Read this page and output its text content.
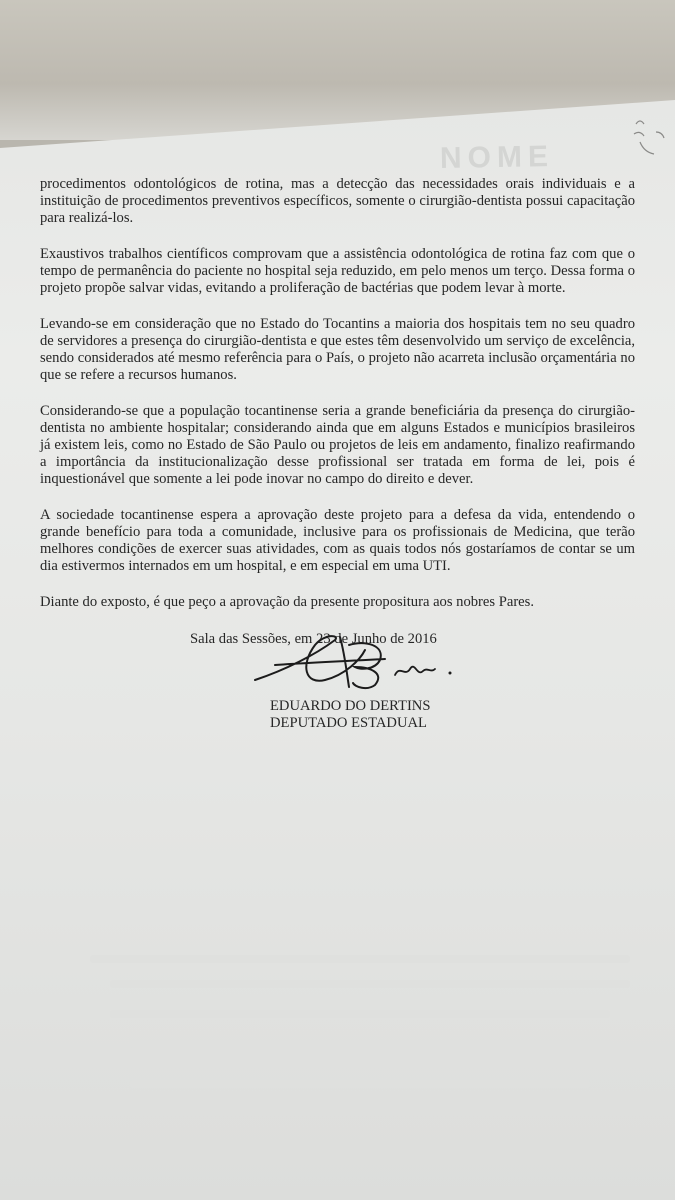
NOME

procedimentos odontológicos de rotina, mas a detecção das necessidades orais individuais e a instituição de procedimentos preventivos específicos, somente o cirurgião-dentista possui capacitação para realizá-los.

Exaustivos trabalhos científicos comprovam que a assistência odontológica de rotina faz com que o tempo de permanência do paciente no hospital seja reduzido, em pelo menos um terço. Dessa forma o projeto propõe salvar vidas, evitando a proliferação de bactérias que podem levar à morte.

Levando-se em consideração que no Estado do Tocantins a maioria dos hospitais tem no seu quadro de servidores a presença do cirurgião-dentista e que estes têm desenvolvido um serviço de excelência, sendo considerados até mesmo referência para o País, o projeto não acarreta inclusão orçamentária no que se refere a recursos humanos.

Considerando-se que a população tocantinense seria a grande beneficiária da presença do cirurgião-dentista no ambiente hospitalar; considerando ainda que em alguns Estados e municípios brasileiros já existem leis, como no Estado de São Paulo ou projetos de leis em andamento, finalizo reafirmando a importância da institucionalização desse profissional ser tratada em forma de lei, pois é inquestionável que somente a lei pode inovar no campo do direito e dever.

A sociedade tocantinense espera a aprovação deste projeto para a defesa da vida, entendendo o grande benefício para toda a comunidade, inclusive para os profissionais de Medicina, que terão melhores condições de exercer suas atividades, com as quais todos nós gostaríamos de contar se um dia estivermos internados em um hospital, e em especial em uma UTI.

Diante do exposto, é que peço a aprovação da presente propositura aos nobres Pares.

Sala das Sessões, em 23 de Junho de 2016

EDUARDO DO DERTINS
DEPUTADO ESTADUAL
